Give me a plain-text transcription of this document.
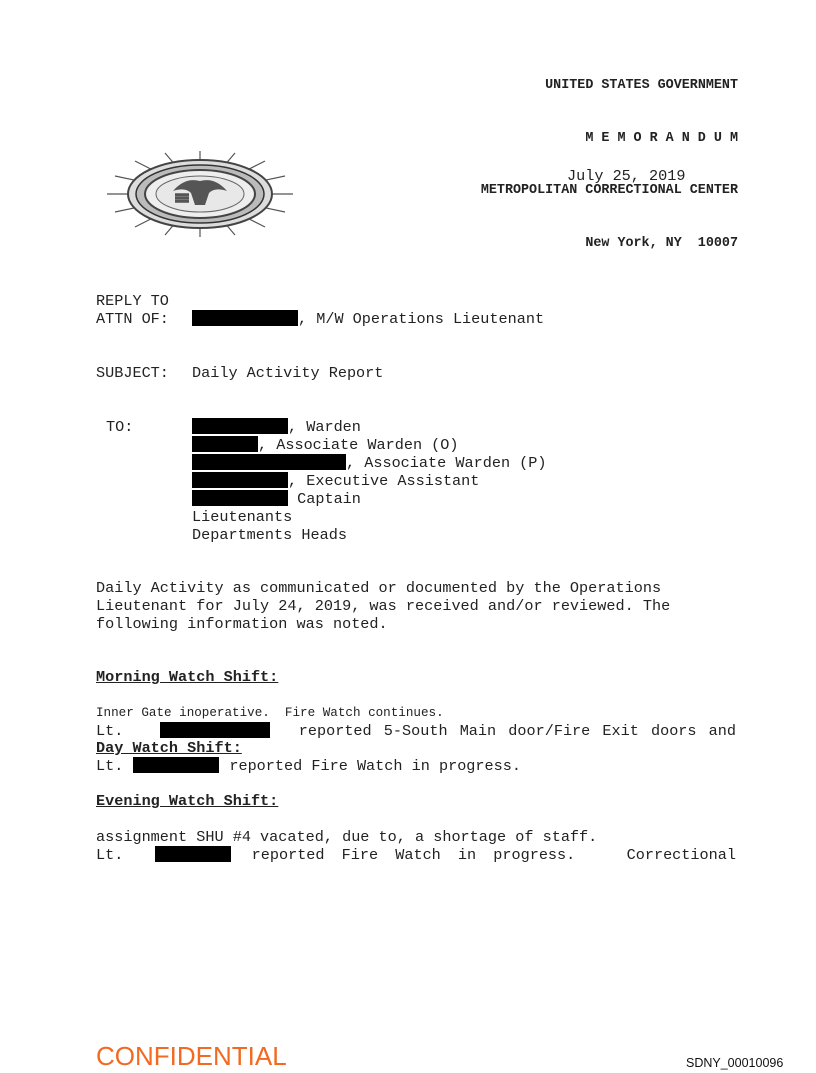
UNITED STATES GOVERNMENT

M E M O R A N D U M

METROPOLITAN CORRECTIONAL CENTER

New York, NY  10007

July 25, 2019
REPLY TO
ATTN OF:	, M/W Operations Lieutenant
SUBJECT: Daily Activity Report
TO:	, Warden
, Associate Warden (O)
, Associate Warden (P)
, Executive Assistant
Captain
Lieutenants
Departments Heads
Daily Activity as communicated or documented by the Operations
Lieutenant for July 24, 2019, was received and/or reviewed. The
following information was noted.
Morning Watch Shift:

Lt.	reported 5-South Main door/Fire Exit doors and

Inner Gate inoperative.  Fire Watch continues.
Day Watch Shift:
Lt.	reported Fire Watch in progress.
Evening Watch Shift:

Lt.	reported Fire Watch in progress.   Correctional

assignment SHU #4 vacated, due to, a shortage of staff.
CONFIDENTIAL	SDNY_00010096
